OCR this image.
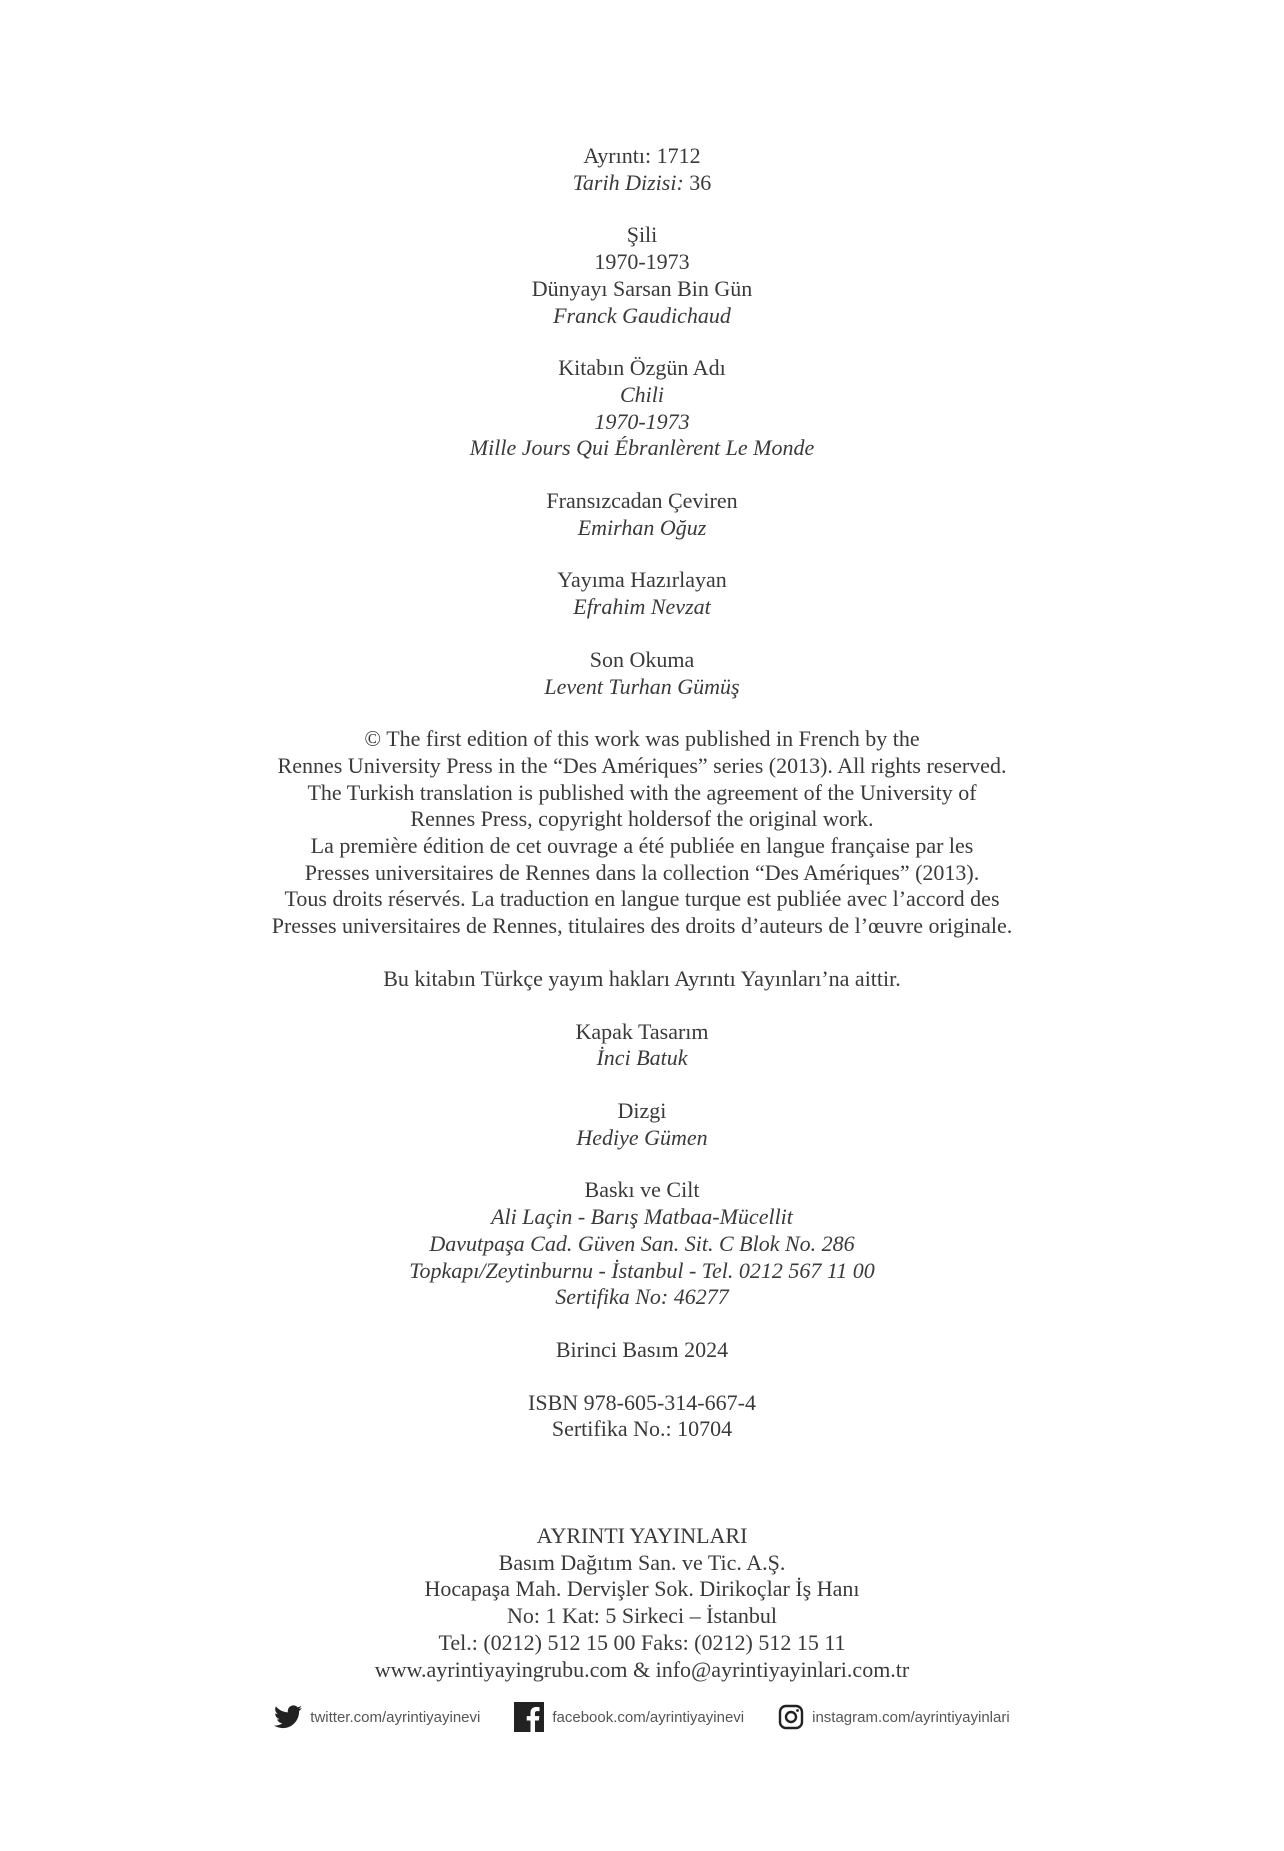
Ayrıntı: 1712
Tarih Dizisi: 36
Şili
1970-1973
Dünyayı Sarsan Bin Gün
Franck Gaudichaud
Kitabın Özgün Adı
Chili
1970-1973
Mille Jours Qui Ébranlèrent Le Monde
Fransızcadan Çeviren
Emirhan Oğuz
Yayıma Hazırlayan
Efrahim Nevzat
Son Okuma
Levent Turhan Gümüş
© The first edition of this work was published in French by the
Rennes University Press in the “Des Amériques” series (2013). All rights reserved.
The Turkish translation is published with the agreement of the University of
Rennes Press, copyright holdersof the original work.
La première édition de cet ouvrage a été publiée en langue française par les
Presses universitaires de Rennes dans la collection “Des Amériques” (2013).
Tous droits réservés. La traduction en langue turque est publiée avec l’accord des
Presses universitaires de Rennes, titulaires des droits d’auteurs de l’œuvre originale.
Bu kitabın Türkçe yayım hakları Ayrıntı Yayınları’na aittir.
Kapak Tasarım
İnci Batuk
Dizgi
Hediye Gümen
Baskı ve Cilt
Ali Laçin - Barış Matbaa-Mücellit
Davutpaşa Cad. Güven San. Sit. C Blok No. 286
Topkapı/Zeytinburnu - İstanbul - Tel. 0212 567 11 00
Sertifika No: 46277
Birinci Basım 2024
ISBN 978-605-314-667-4
Sertifika No.: 10704
AYRINTI YAYINLARI
Basım Dağıtım San. ve Tic. A.Ş.
Hocapaşa Mah. Dervişler Sok. Dirikoçlar İş Hanı
No: 1 Kat: 5 Sirkeci – İstanbul
Tel.: (0212) 512 15 00 Faks: (0212) 512 15 11
www.ayrintiyayingrubu.com & info@ayrintiyayinlari.com.tr
twitter.com/ayrintiyayinevi	facebook.com/ayrintiyayinevi	instagram.com/ayrintiyayinlari
